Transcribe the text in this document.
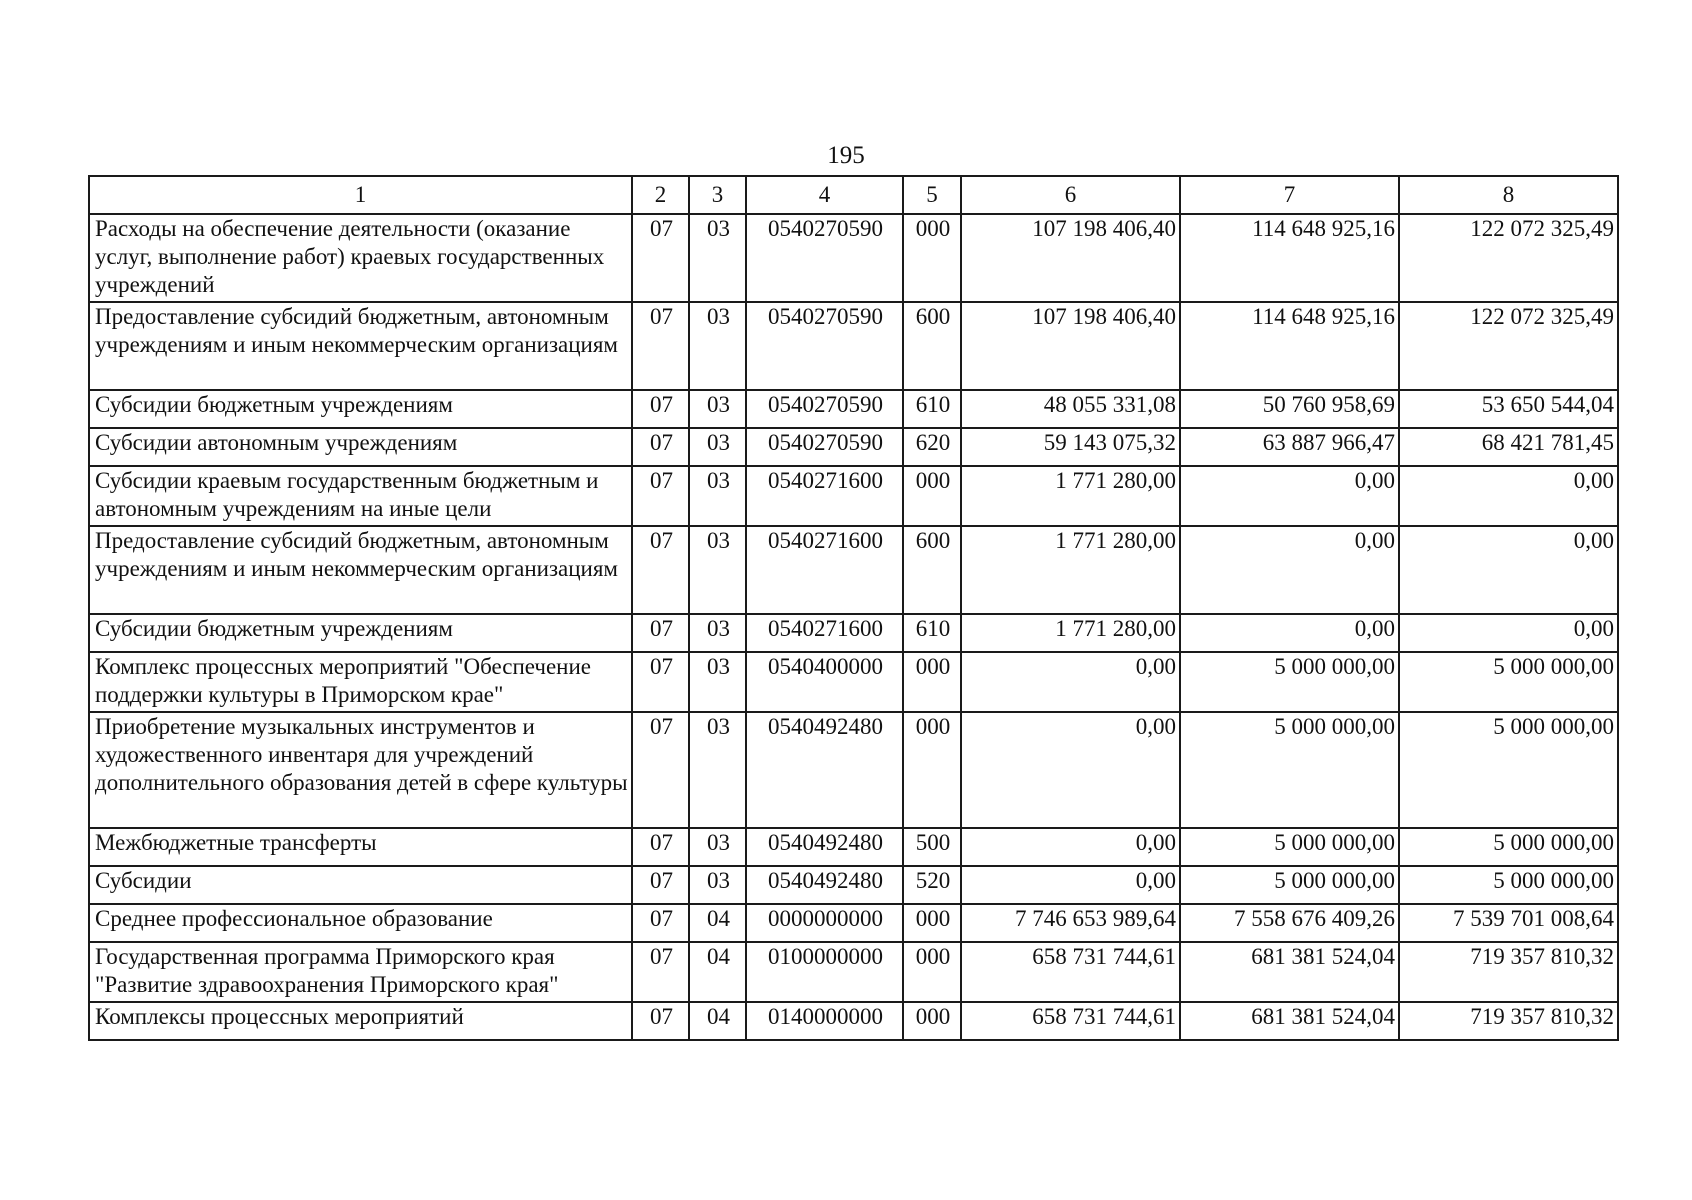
195
1	2	3	4	5	6	7	8
Расходы на обеспечение деятельности (оказание услуг, выполнение работ) краевых государственных учреждений	07	03	0540270590	000	107 198 406,40	114 648 925,16	122 072 325,49
Предоставление субсидий бюджетным, автономным учреждениям и иным некоммерческим организациям	07	03	0540270590	600	107 198 406,40	114 648 925,16	122 072 325,49
Субсидии бюджетным учреждениям	07	03	0540270590	610	48 055 331,08	50 760 958,69	53 650 544,04
Субсидии автономным учреждениям	07	03	0540270590	620	59 143 075,32	63 887 966,47	68 421 781,45
Субсидии краевым государственным бюджетным и автономным учреждениям на иные цели	07	03	0540271600	000	1 771 280,00	0,00	0,00
Предоставление субсидий бюджетным, автономным учреждениям и иным некоммерческим организациям	07	03	0540271600	600	1 771 280,00	0,00	0,00
Субсидии бюджетным учреждениям	07	03	0540271600	610	1 771 280,00	0,00	0,00
Комплекс процессных мероприятий "Обеспечение поддержки культуры в Приморском крае"	07	03	0540400000	000	0,00	5 000 000,00	5 000 000,00
Приобретение музыкальных инструментов и художественного инвентаря для учреждений дополнительного образования детей в сфере культуры	07	03	0540492480	000	0,00	5 000 000,00	5 000 000,00
Межбюджетные трансферты	07	03	0540492480	500	0,00	5 000 000,00	5 000 000,00
Субсидии	07	03	0540492480	520	0,00	5 000 000,00	5 000 000,00
Среднее профессиональное образование	07	04	0000000000	000	7 746 653 989,64	7 558 676 409,26	7 539 701 008,64
Государственная программа Приморского края "Развитие здравоохранения Приморского края"	07	04	0100000000	000	658 731 744,61	681 381 524,04	719 357 810,32
Комплексы процессных мероприятий	07	04	0140000000	000	658 731 744,61	681 381 524,04	719 357 810,32
